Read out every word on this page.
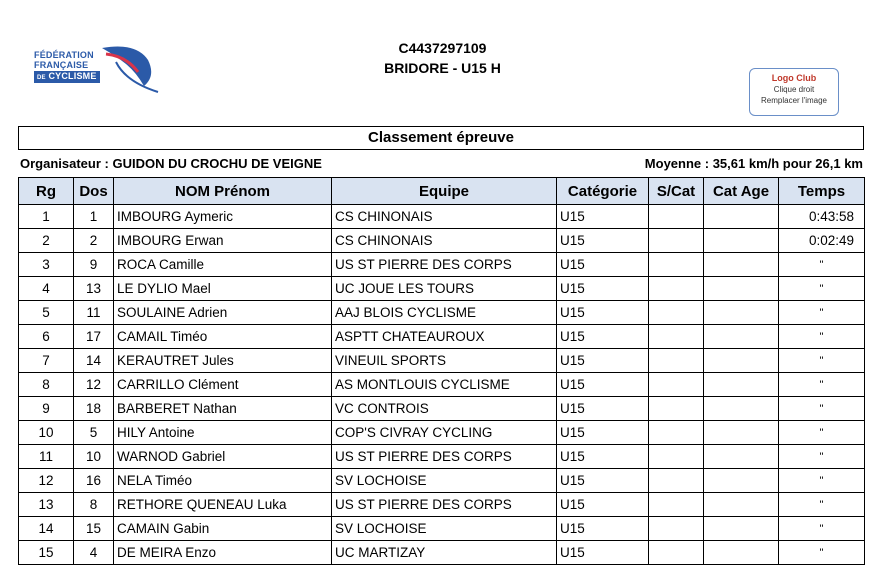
FÉDÉRATION
FRANÇAISE
DE CYCLISME
C4437297109
BRIDORE - U15 H
Logo Club
Clique droit
Remplacer l'image
Classement épreuve
Organisateur : GUIDON DU CROCHU DE VEIGNE	Moyenne : 35,61 km/h pour 26,1 km
Rg	Dos	NOM Prénom	Equipe	Catégorie	S/Cat	Cat Age	Temps
1	1	IMBOURG Aymeric	CS CHINONAIS	U15			0:43:58
2	2	IMBOURG Erwan	CS CHINONAIS	U15			0:02:49
3	9	ROCA Camille	US ST PIERRE DES CORPS	U15			"
4	13	LE DYLIO Mael	UC JOUE LES TOURS	U15			"
5	11	SOULAINE Adrien	AAJ BLOIS CYCLISME	U15			"
6	17	CAMAIL Timéo	ASPTT CHATEAUROUX	U15			"
7	14	KERAUTRET Jules	VINEUIL SPORTS	U15			"
8	12	CARRILLO Clément	AS MONTLOUIS CYCLISME	U15			"
9	18	BARBERET Nathan	VC CONTROIS	U15			"
10	5	HILY Antoine	COP'S CIVRAY CYCLING	U15			"
11	10	WARNOD Gabriel	US ST PIERRE DES CORPS	U15			"
12	16	NELA Timéo	SV LOCHOISE	U15			"
13	8	RETHORE QUENEAU Luka	US ST PIERRE DES CORPS	U15			"
14	15	CAMAIN Gabin	SV LOCHOISE	U15			"
15	4	DE MEIRA Enzo	UC MARTIZAY	U15			"
